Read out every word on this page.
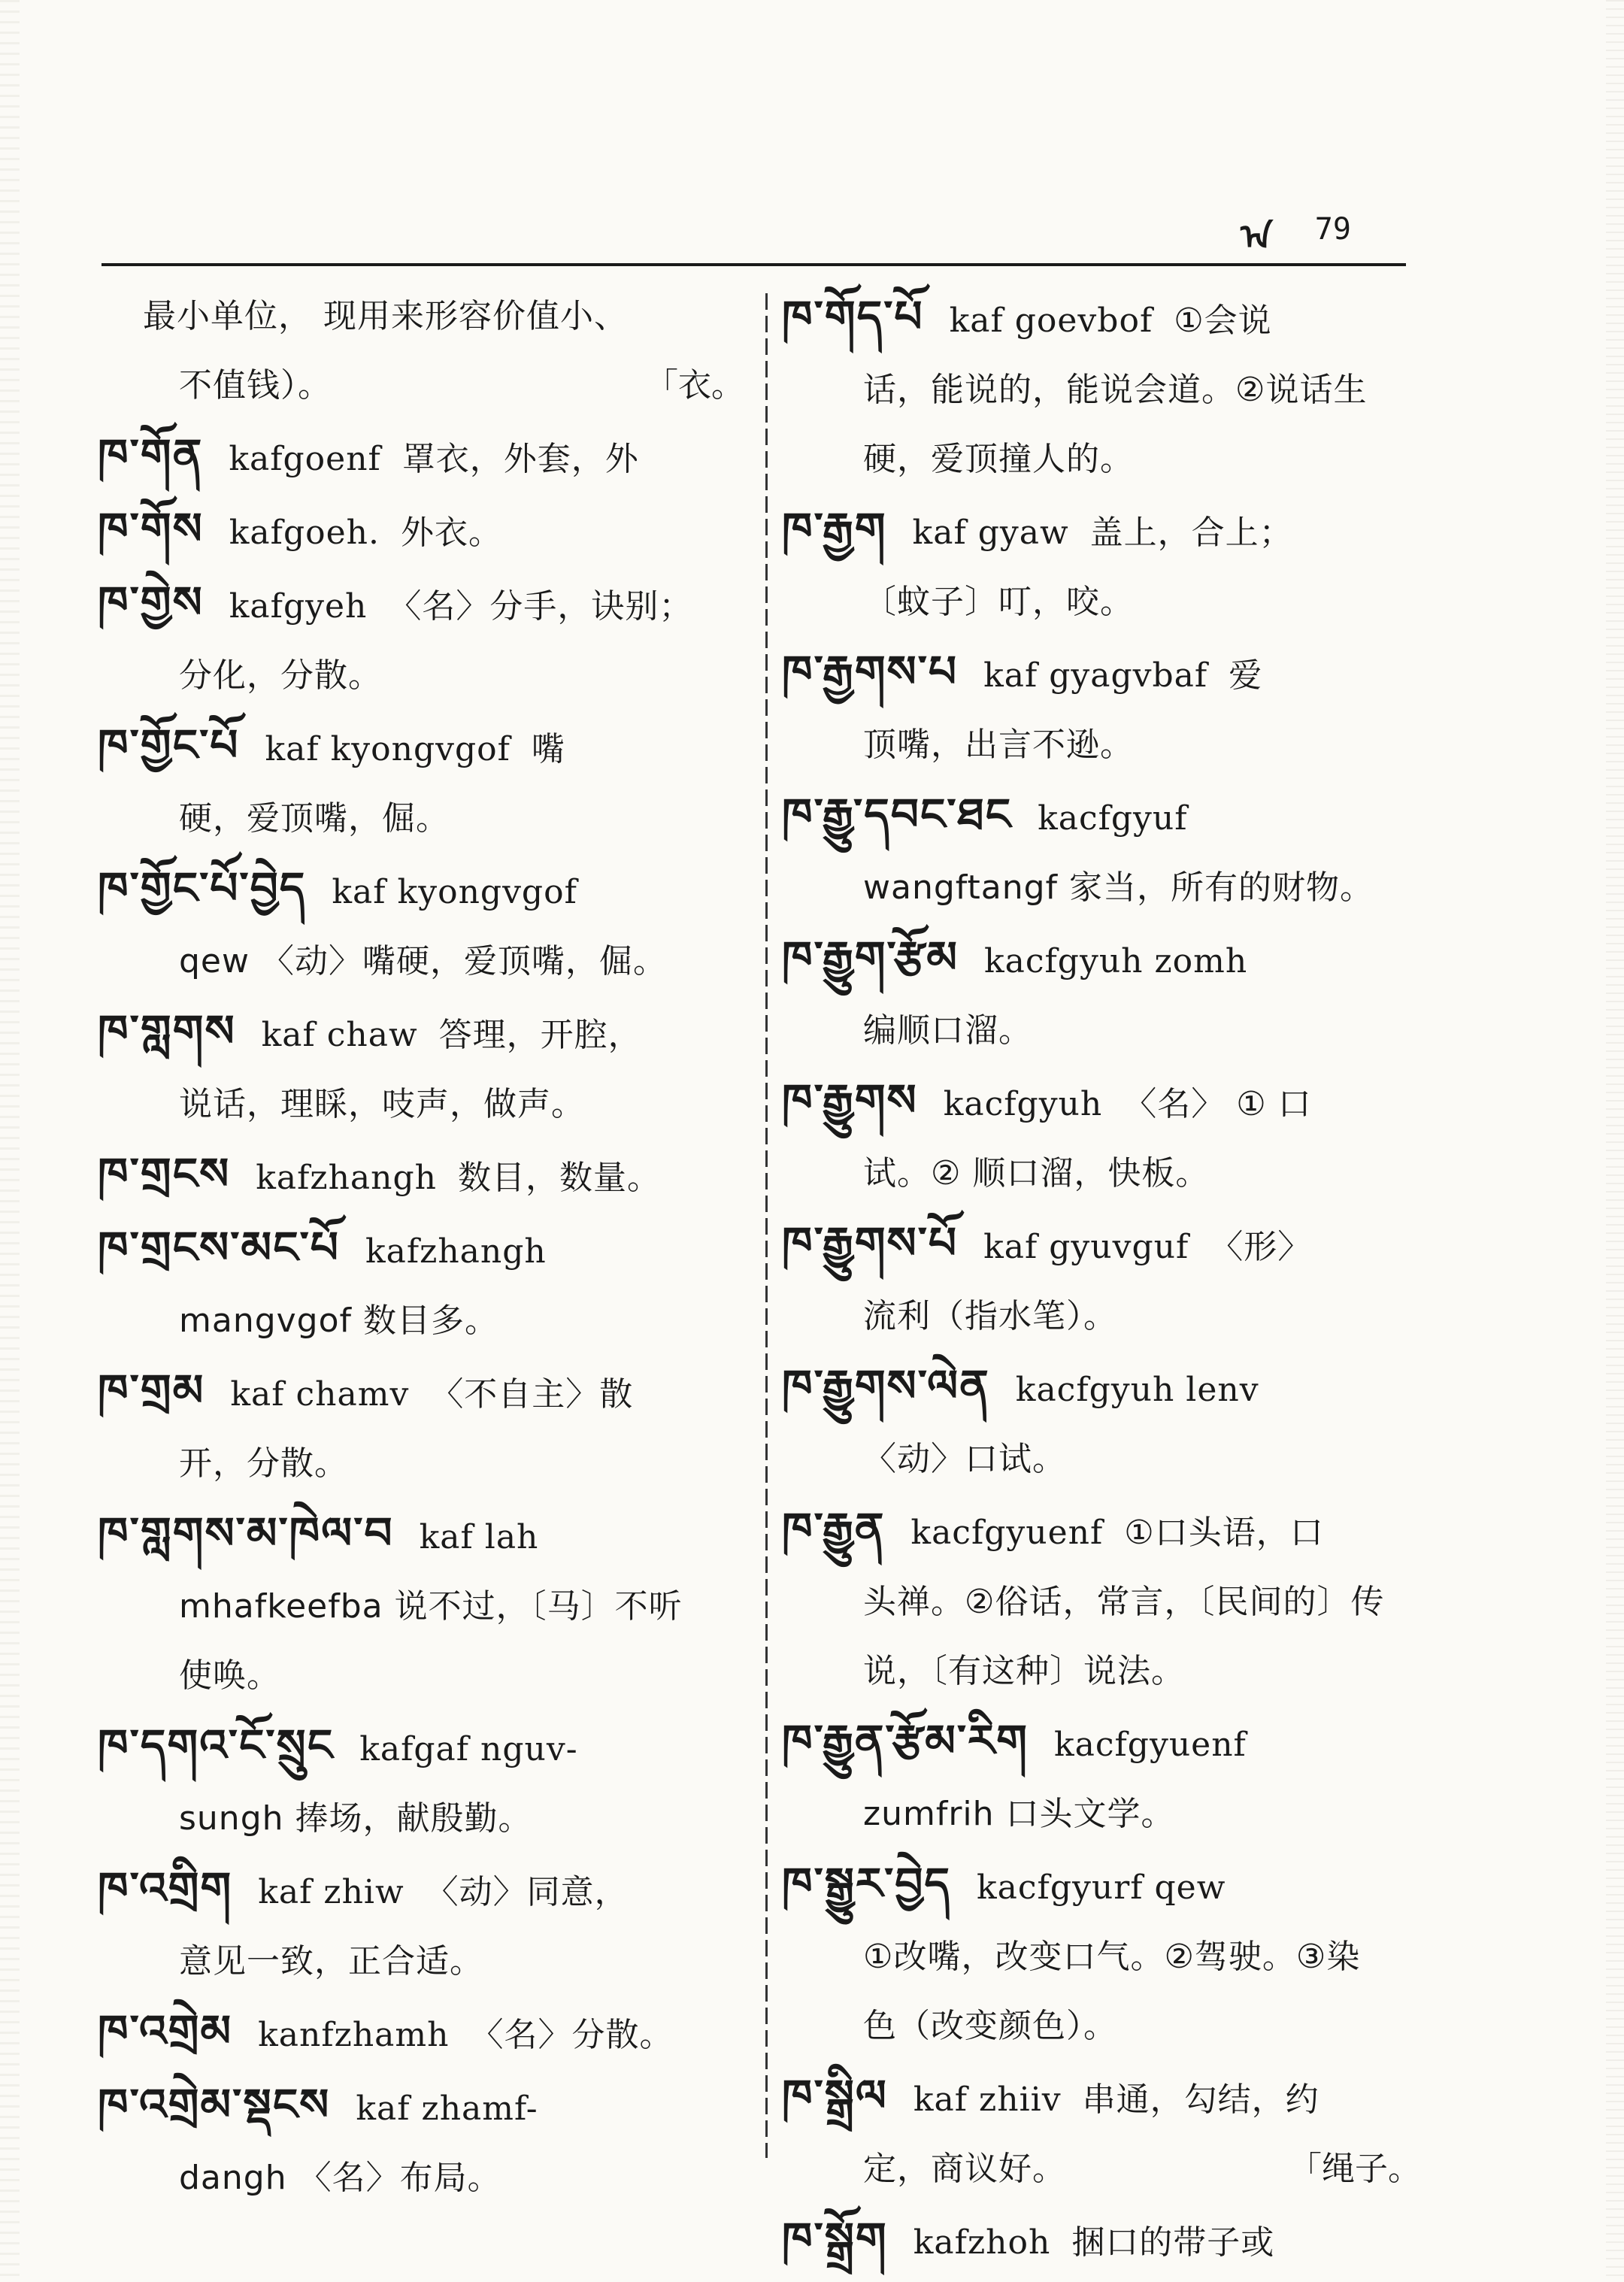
ᠠ 79
最小单位， 现用来形容价值小、
不值钱）。	「衣。
ཁ་གོན kafgoenf 罩衣，外套，外
ཁ་གོས kafgoeh. 外衣。
ཁ་གྱེས kafgyeh 〈名〉分手，诀别；
分化，分散。
ཁ་གྱོང་པོ kaf kyongvgof 嘴
硬，爱顶嘴，倔。
ཁ་གྱོང་པོ་བྱེད kaf kyongvgof
qew 〈动〉嘴硬，爱顶嘴，倔。
ཁ་གླགས kaf chaw 答理，开腔，
说话，理睬，吱声，做声。
ཁ་གྲངས kafzhangh 数目，数量。
ཁ་གྲངས་མང་པོ kafzhangh
mangvgof 数目多。
ཁ་གྲམ kaf chamv 〈不自主〉散
开，分散。
ཁ་གླགས་མ་ཁེལ་བ kaf lah
mhafkeefba 说不过，〔马〕不听
使唤。
ཁ་དགའ་ངོ་སྲུང kafgaf nguv-
sungh 捧场，献殷勤。
ཁ་འགྲིག kaf zhiw 〈动〉同意，
意见一致，正合适。
ཁ་འགྲེམ kanfzhamh 〈名〉分散。
ཁ་འགྲེམ་སྡངས kaf zhamf-
dangh 〈名〉布局。
ཁ་གོད་པོ kaf goevbof ①会说
话，能说的，能说会道。②说话生
硬，爱顶撞人的。
ཁ་རྒྱག kaf gyaw 盖上，合上；
〔蚊子〕叮，咬。
ཁ་རྒྱགས་པ kaf gyagvbaf 爱
顶嘴，出言不逊。
ཁ་རྒྱུ་དབང་ཐང kacfgyuf
wangftangf 家当，所有的财物。
ཁ་རྒྱུག་རྩོམ kacfgyuh zomh
编顺口溜。
ཁ་རྒྱུགས kacfgyuh 〈名〉 ① 口
试。② 顺口溜，快板。
ཁ་རྒྱུགས་པོ kaf gyuvguf 〈形〉
流利（指水笔）。
ཁ་རྒྱུགས་ལེན kacfgyuh lenv
〈动〉口试。
ཁ་རྒྱུན kacfgyuenf ①口头语，口
头禅。②俗话，常言，〔民间的〕传
说，〔有这种〕说法。
ཁ་རྒྱུན་རྩོམ་རིག kacfgyuenf
zumfrih 口头文学。
ཁ་སྒྱུར་བྱེད kacfgyurf qew
①改嘴，改变口气。②驾驶。③染
色（改变颜色）。
ཁ་སྒྲིལ kaf zhiiv 串通，勾结，约
定，商议好。	「绳子。
ཁ་སྒྲོག kafzhoh 捆口的带子或
